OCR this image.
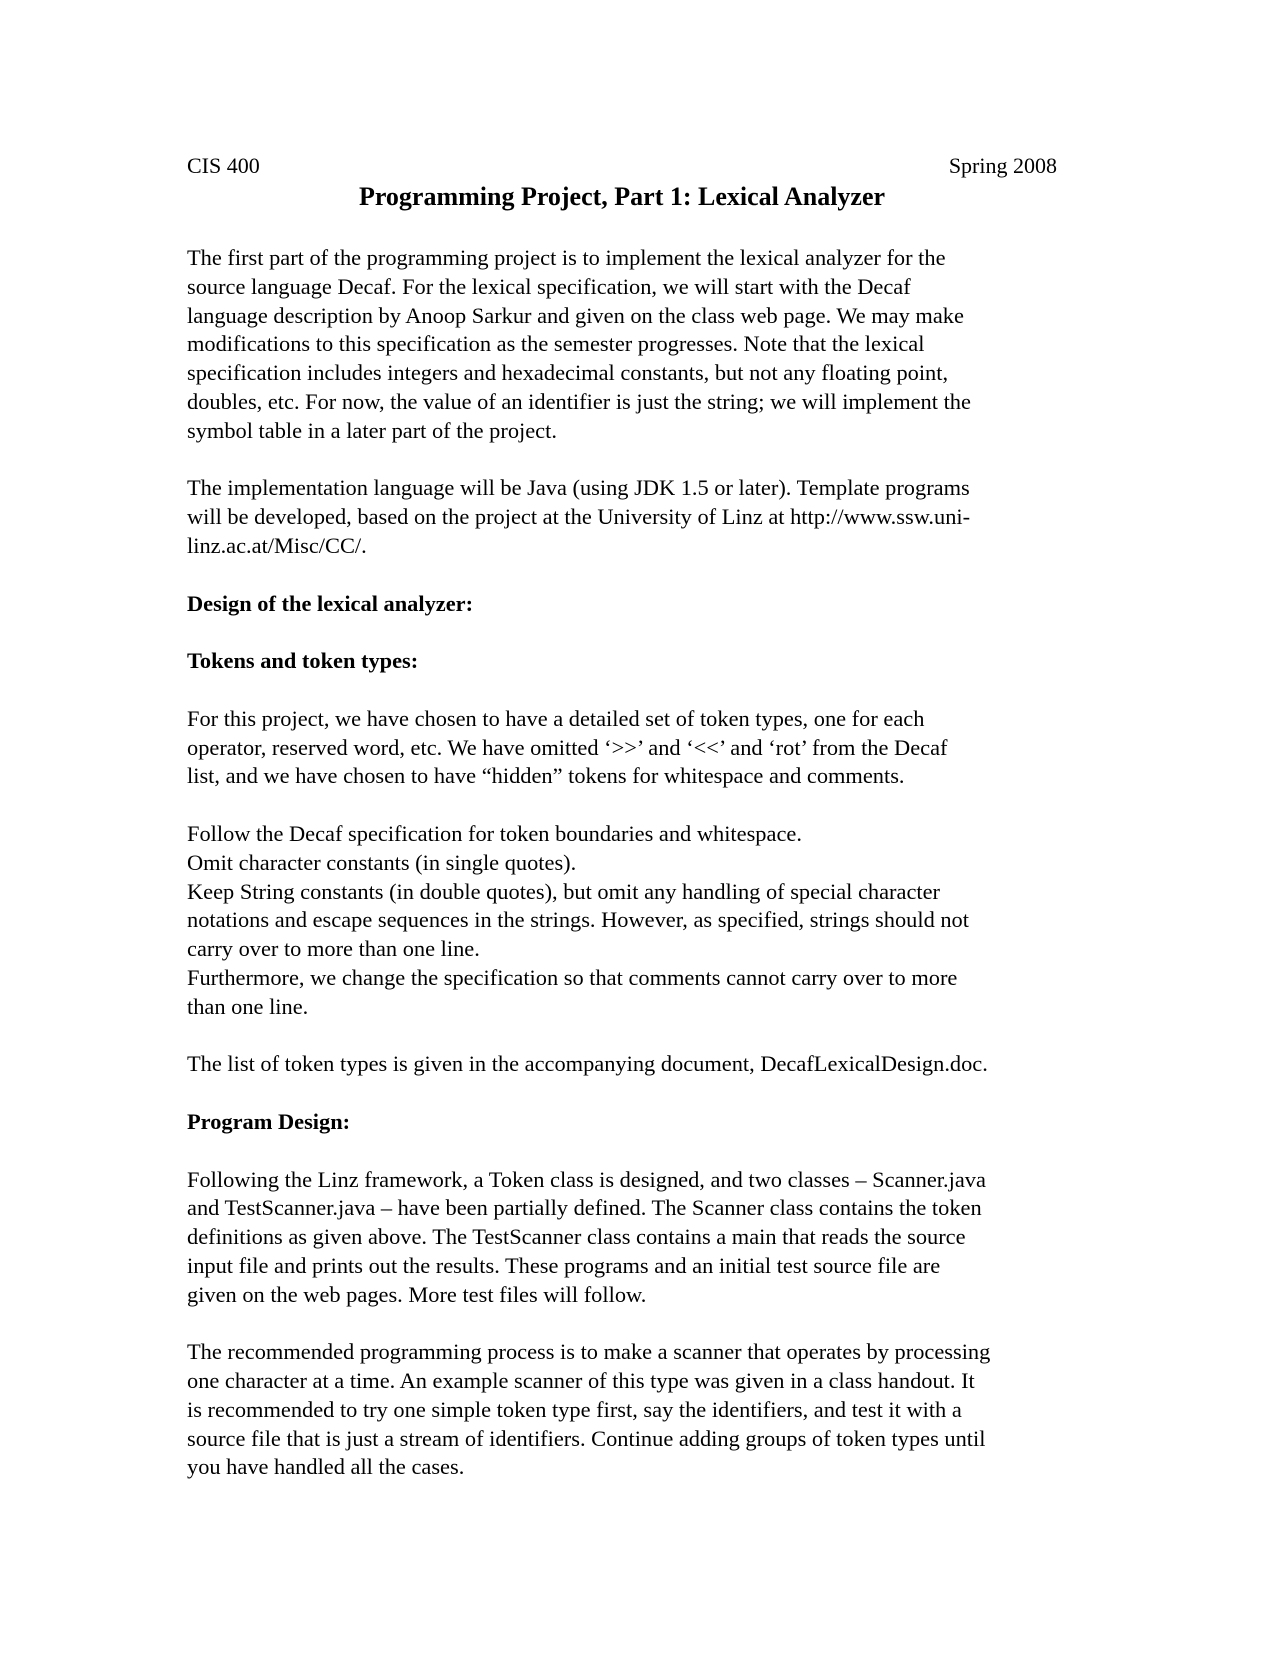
CIS 400	Spring 2008
Programming Project, Part 1: Lexical Analyzer

The first part of the programming project is to implement the lexical analyzer for the
source language Decaf. For the lexical specification, we will start with the Decaf
language description by Anoop Sarkur and given on the class web page. We may make
modifications to this specification as the semester progresses. Note that the lexical
specification includes integers and hexadecimal constants, but not any floating point,
doubles, etc. For now, the value of an identifier is just the string; we will implement the
symbol table in a later part of the project.

The implementation language will be Java (using JDK 1.5 or later). Template programs
will be developed, based on the project at the University of Linz at http://www.ssw.uni-
linz.ac.at/Misc/CC/.

Design of the lexical analyzer:

Tokens and token types:

For this project, we have chosen to have a detailed set of token types, one for each
operator, reserved word, etc. We have omitted ‘>>’ and ‘<<’ and ‘rot’ from the Decaf
list, and we have chosen to have “hidden” tokens for whitespace and comments.

Follow the Decaf specification for token boundaries and whitespace.
Omit character constants (in single quotes).
Keep String constants (in double quotes), but omit any handling of special character
notations and escape sequences in the strings. However, as specified, strings should not
carry over to more than one line.
Furthermore, we change the specification so that comments cannot carry over to more
than one line.

The list of token types is given in the accompanying document, DecafLexicalDesign.doc.

Program Design:

Following the Linz framework, a Token class is designed, and two classes – Scanner.java
and TestScanner.java – have been partially defined. The Scanner class contains the token
definitions as given above. The TestScanner class contains a main that reads the source
input file and prints out the results. These programs and an initial test source file are
given on the web pages. More test files will follow.

The recommended programming process is to make a scanner that operates by processing
one character at a time. An example scanner of this type was given in a class handout. It
is recommended to try one simple token type first, say the identifiers, and test it with a
source file that is just a stream of identifiers. Continue adding groups of token types until
you have handled all the cases.
